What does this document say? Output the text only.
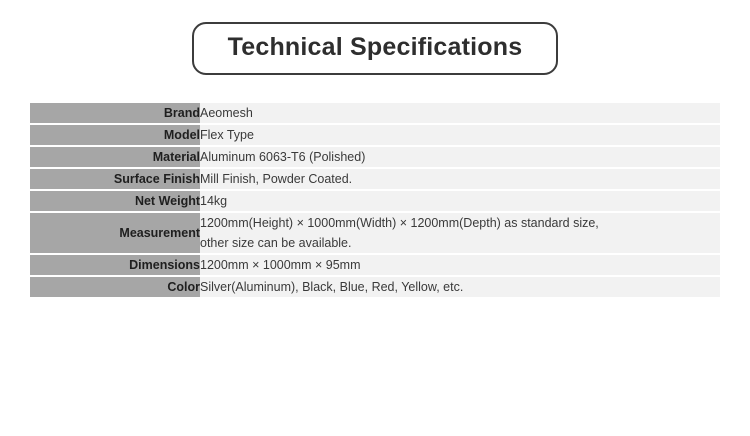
Technical Specifications
Brand	Aeomesh

Model	Flex Type

Material	Aluminum 6063-T6 (Polished)

Surface Finish	Mill Finish, Powder Coated.

Net Weight	14kg

Measurement	1200mm(Height) × 1000mm(Width) × 1200mm(Depth) as standard size,
other size can be available.

Dimensions	1200mm × 1000mm × 95mm

Color	Silver(Aluminum), Black, Blue, Red, Yellow, etc.
